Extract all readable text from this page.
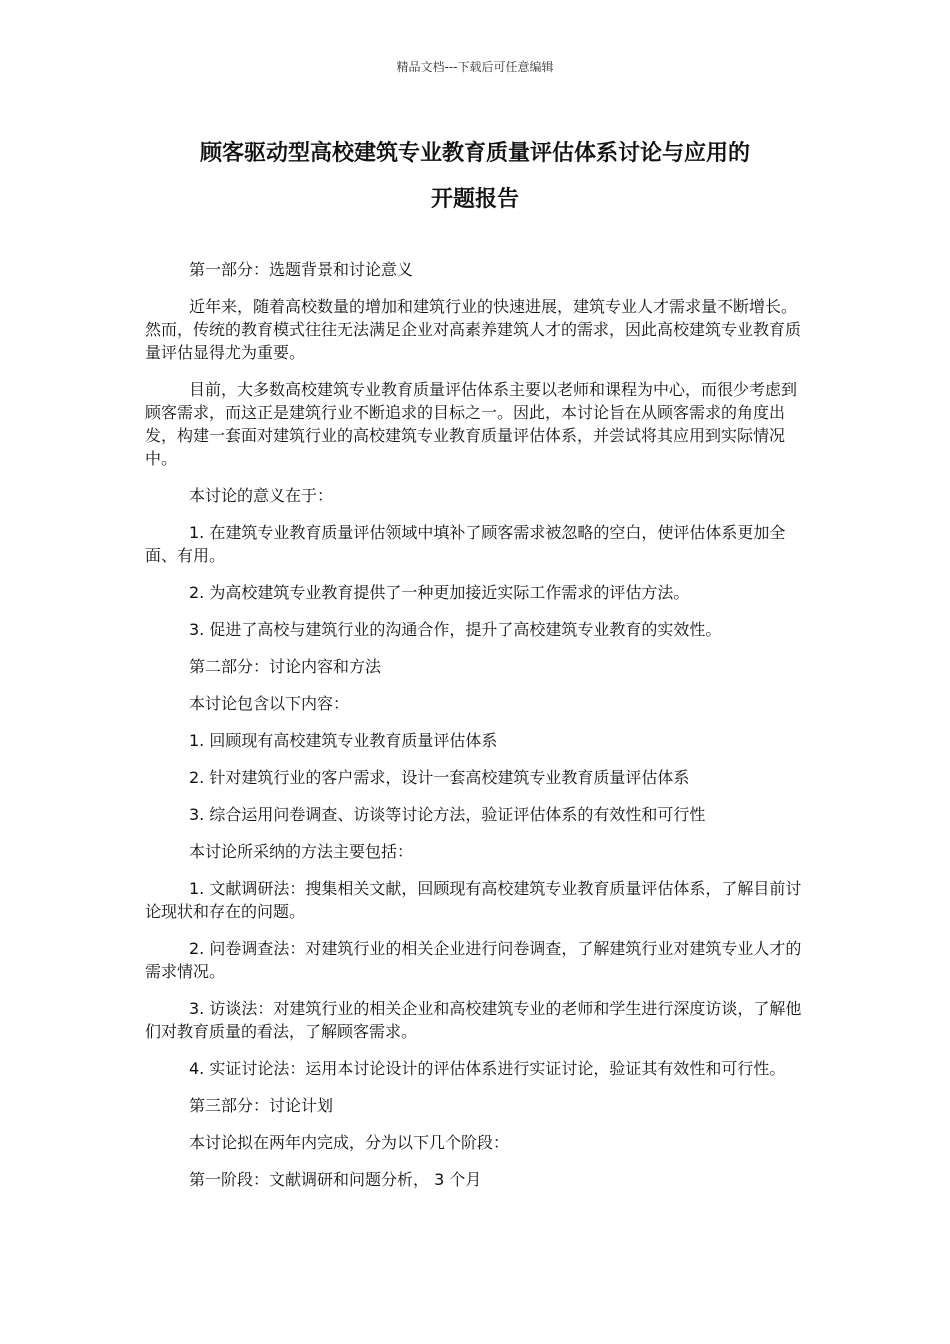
精品文档---下载后可任意编辑
顾客驱动型高校建筑专业教育质量评估体系讨论与应用的
开题报告

第一部分：选题背景和讨论意义

近年来，随着高校数量的增加和建筑行业的快速进展，建筑专业人才需求量不断增长。然而，传统的教育模式往往无法满足企业对高素养建筑人才的需求，因此高校建筑专业教育质量评估显得尤为重要。

目前，大多数高校建筑专业教育质量评估体系主要以老师和课程为中心，而很少考虑到顾客需求，而这正是建筑行业不断追求的目标之一。因此，本讨论旨在从顾客需求的角度出发，构建一套面对建筑行业的高校建筑专业教育质量评估体系，并尝试将其应用到实际情况中。

本讨论的意义在于：

1. 在建筑专业教育质量评估领域中填补了顾客需求被忽略的空白，使评估体系更加全面、有用。

2. 为高校建筑专业教育提供了一种更加接近实际工作需求的评估方法。

3. 促进了高校与建筑行业的沟通合作，提升了高校建筑专业教育的实效性。

第二部分：讨论内容和方法

本讨论包含以下内容：

1. 回顾现有高校建筑专业教育质量评估体系

2. 针对建筑行业的客户需求，设计一套高校建筑专业教育质量评估体系

3. 综合运用问卷调查、访谈等讨论方法，验证评估体系的有效性和可行性

本讨论所采纳的方法主要包括：

1. 文献调研法：搜集相关文献，回顾现有高校建筑专业教育质量评估体系，了解目前讨论现状和存在的问题。

2. 问卷调查法：对建筑行业的相关企业进行问卷调查，了解建筑行业对建筑专业人才的需求情况。

3. 访谈法：对建筑行业的相关企业和高校建筑专业的老师和学生进行深度访谈，了解他们对教育质量的看法，了解顾客需求。

4. 实证讨论法：运用本讨论设计的评估体系进行实证讨论，验证其有效性和可行性。

第三部分：讨论计划

本讨论拟在两年内完成，分为以下几个阶段：

第一阶段：文献调研和问题分析， 3 个月
